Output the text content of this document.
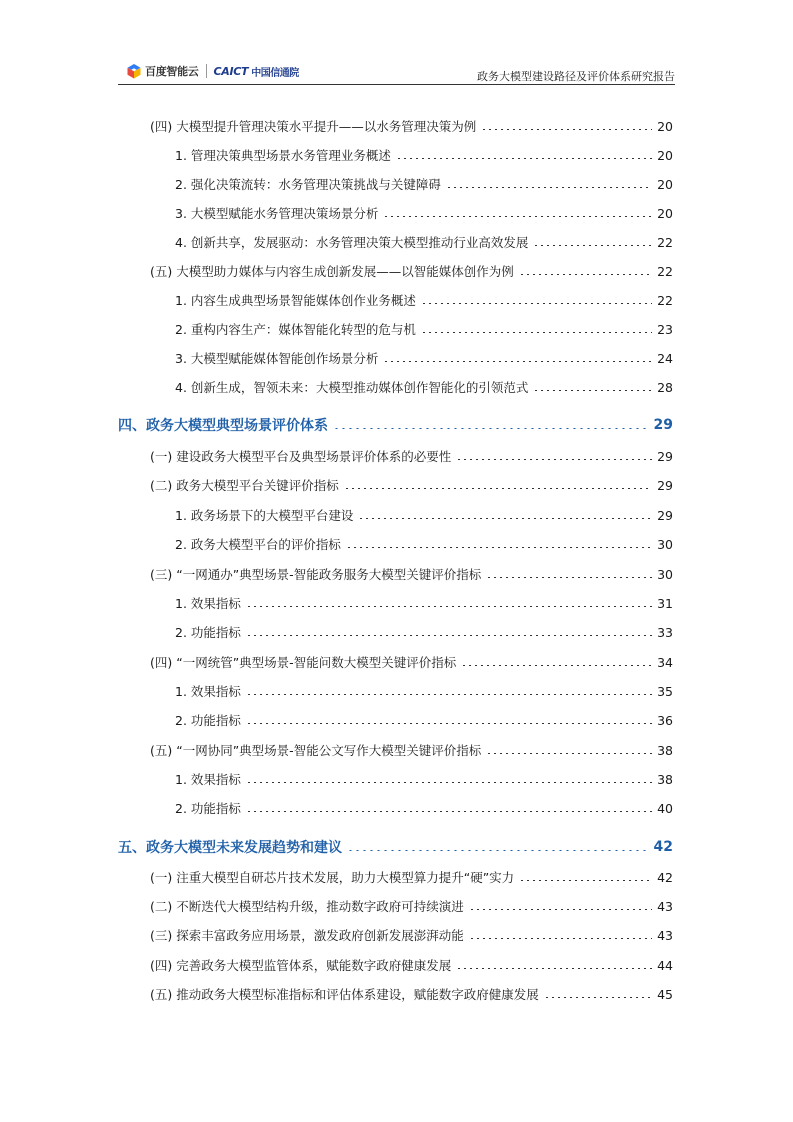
百度智能云 CAICT 中国信通院	政务大模型建设路径及评价体系研究报告
(四) 大模型提升管理决策水平提升——以水务管理决策为例	20
1. 管理决策典型场景水务管理业务概述	20
2. 强化决策流转：水务管理决策挑战与关键障碍	20
3. 大模型赋能水务管理决策场景分析	20
4. 创新共享，发展驱动：水务管理决策大模型推动行业高效发展	22
(五) 大模型助力媒体与内容生成创新发展——以智能媒体创作为例	22
1. 内容生成典型场景智能媒体创作业务概述	22
2. 重构内容生产：媒体智能化转型的危与机	23
3. 大模型赋能媒体智能创作场景分析	24
4. 创新生成，智领未来：大模型推动媒体创作智能化的引领范式	28
四、政务大模型典型场景评价体系	29
(一) 建设政务大模型平台及典型场景评价体系的必要性	29
(二) 政务大模型平台关键评价指标	29
1. 政务场景下的大模型平台建设	29
2. 政务大模型平台的评价指标	30
(三) “一网通办”典型场景-智能政务服务大模型关键评价指标	30
1. 效果指标	31
2. 功能指标	33
(四) “一网统管”典型场景-智能问数大模型关键评价指标	34
1. 效果指标	35
2. 功能指标	36
(五) “一网协同”典型场景-智能公文写作大模型关键评价指标	38
1. 效果指标	38
2. 功能指标	40
五、政务大模型未来发展趋势和建议	42
(一) 注重大模型自研芯片技术发展，助力大模型算力提升“硬”实力	42
(二) 不断迭代大模型结构升级，推动数字政府可持续演进	43
(三) 探索丰富政务应用场景，激发政府创新发展澎湃动能	43
(四) 完善政务大模型监管体系，赋能数字政府健康发展	44
(五) 推动政务大模型标准指标和评估体系建设，赋能数字政府健康发展	45
